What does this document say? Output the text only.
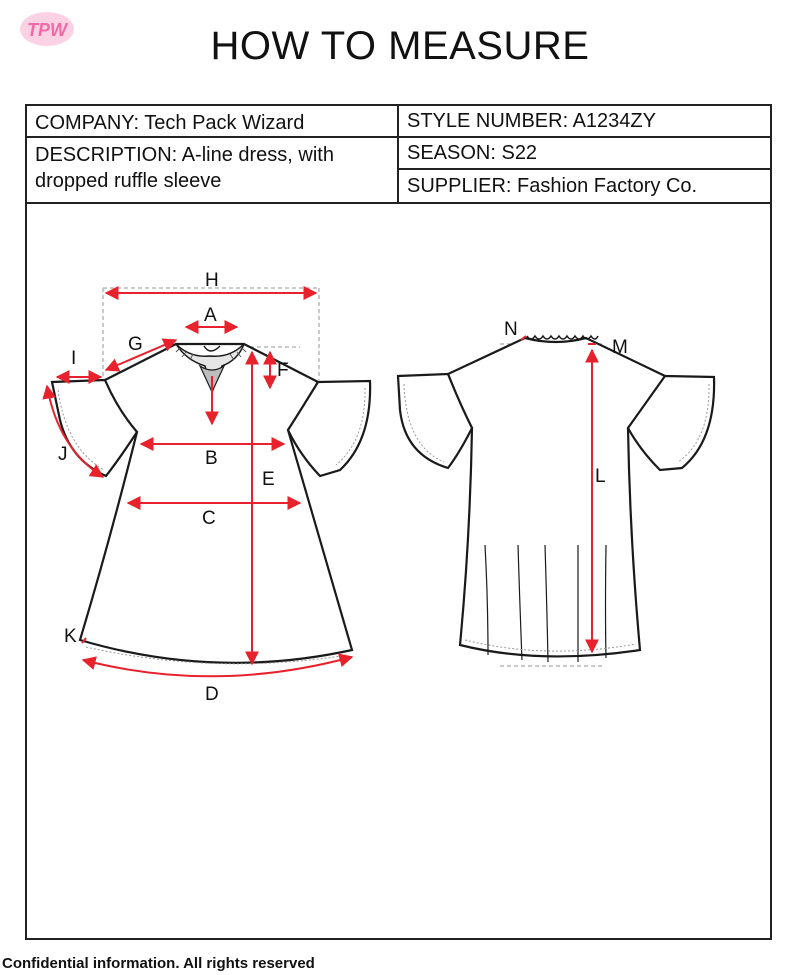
TPW	HOW TO MEASURE
COMPANY: Tech Pack Wizard
DESCRIPTION: A-line dress, with
dropped ruffle sleeve
STYLE NUMBER: A1234ZY
SEASON: S22
SUPPLIER: Fashion Factory Co.
H
A
G
I
J
F
B
E
C
K
D
N
M
L
Confidential information. All rights reserved
